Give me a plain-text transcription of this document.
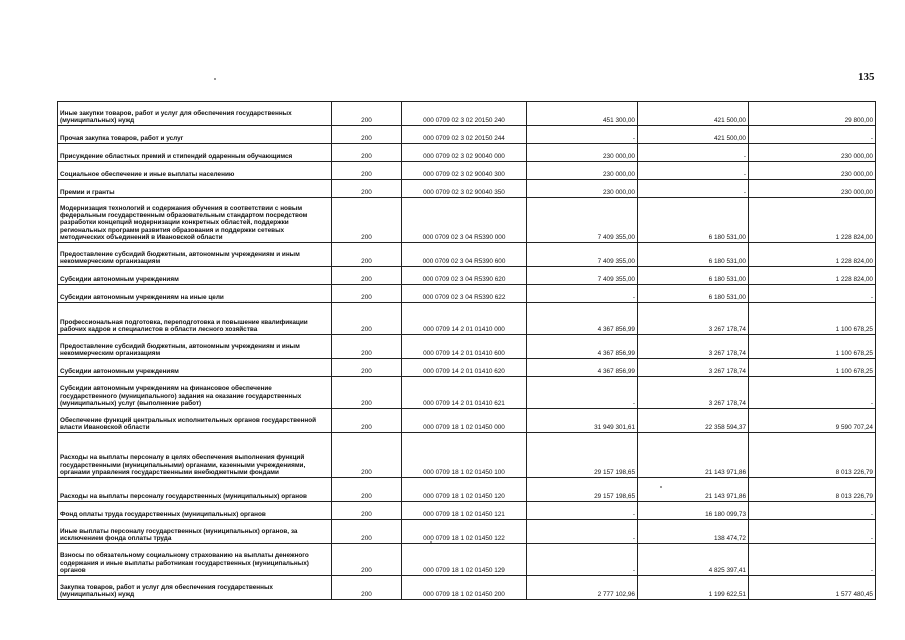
135
Иные закупки товаров, работ и услуг для обеспечения государственных (муниципальных) нужд	200	000 0709 02 3 02 20150 240	451 300,00	421 500,00	29 800,00
Прочая закупка товаров, работ и услуг	200	000 0709 02 3 02 20150 244	-	421 500,00	-
Присуждение областных премий и стипендий одаренным обучающимся	200	000 0709 02 3 02 90040 000	230 000,00	-	230 000,00
Социальное обеспечение и иные выплаты населению	200	000 0709 02 3 02 90040 300	230 000,00	-	230 000,00
Премии и гранты	200	000 0709 02 3 02 90040 350	230 000,00	-	230 000,00
Модернизация технологий и содержания обучения в соответствии с новым федеральным государственным образовательным стандартом посредством разработки концепций модернизации конкретных областей, поддержки региональных программ развития образования и поддержки сетевых методических объединений в Ивановской области	200	000 0709 02 3 04 R5390 000	7 409 355,00	6 180 531,00	1 228 824,00
Предоставление субсидий бюджетным, автономным учреждениям и иным некоммерческим организациям	200	000 0709 02 3 04 R5390 600	7 409 355,00	6 180 531,00	1 228 824,00
Субсидии автономным учреждениям	200	000 0709 02 3 04 R5390 620	7 409 355,00	6 180 531,00	1 228 824,00
Субсидии автономным учреждениям на иные цели	200	000 0709 02 3 04 R5390 622	-	6 180 531,00	-
Профессиональная подготовка, переподготовка и повышение квалификации рабочих кадров и специалистов в области лесного хозяйства	200	000 0709 14 2 01 01410 000	4 367 856,99	3 267 178,74	1 100 678,25
Предоставление субсидий бюджетным, автономным учреждениям и иным некоммерческим организациям	200	000 0709 14 2 01 01410 600	4 367 856,99	3 267 178,74	1 100 678,25
Субсидии автономным учреждениям	200	000 0709 14 2 01 01410 620	4 367 856,99	3 267 178,74	1 100 678,25
Субсидии автономным учреждениям на финансовое обеспечение государственного (муниципального) задания на оказание государственных (муниципальных) услуг (выполнение работ)	200	000 0709 14 2 01 01410 621	-	3 267 178,74	-
Обеспечение функций центральных исполнительных органов государственной власти Ивановской области	200	000 0709 18 1 02 01450 000	31 949 301,61	22 358 594,37	9 590 707,24
Расходы на выплаты персоналу в целях обеспечения выполнения функций государственными (муниципальными) органами, казенными учреждениями, органами управления государственными внебюджетными фондами	200	000 0709 18 1 02 01450 100	29 157 198,65	21 143 971,86	8 013 226,79
Расходы на выплаты персоналу государственных (муниципальных) органов	200	000 0709 18 1 02 01450 120	29 157 198,65	21 143 971,86	8 013 226,79
Фонд оплаты труда государственных (муниципальных) органов	200	000 0709 18 1 02 01450 121	-	16 180 099,73	-
Иные выплаты персоналу государственных (муниципальных) органов, за исключением фонда оплаты труда	200	000 0709 18 1 02 01450 122	-	138 474,72	-
Взносы по обязательному социальному страхованию на выплаты денежного содержания и иные выплаты работникам государственных (муниципальных) органов	200	000 0709 18 1 02 01450 129	-	4 825 397,41	-
Закупка товаров, работ и услуг для обеспечения государственных (муниципальных) нужд	200	000 0709 18 1 02 01450 200	2 777 102,96	1 199 622,51	1 577 480,45
